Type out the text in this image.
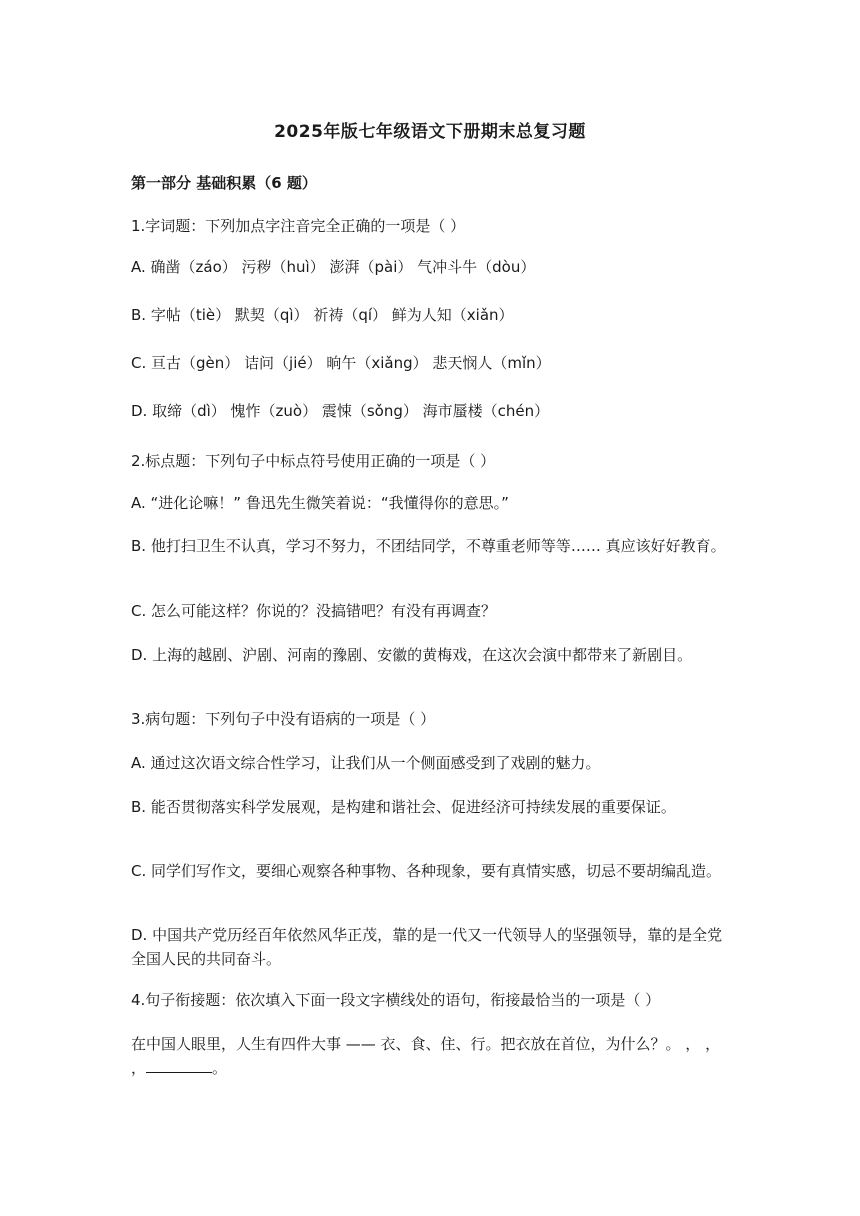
2025年版七年级语文下册期末总复习题
第一部分 基础积累（6 题）
1.字词题：下列加点字注音完全正确的一项是（ ）
A. 确凿（záo） 污秽（huì） 澎湃（pài） 气冲斗牛（dòu）
B. 字帖（tiè） 默契（qì） 祈祷（qí） 鲜为人知（xiǎn）
C. 亘古（gèn） 诘问（jié） 晌午（xiǎng） 悲天悯人（mǐn）
D. 取缔（dì） 愧怍（zuò） 震悚（sǒng） 海市蜃楼（chén）
2.标点题：下列句子中标点符号使用正确的一项是（ ）
A. “进化论嘛！” 鲁迅先生微笑着说：“我懂得你的意思。”
B. 他打扫卫生不认真，学习不努力，不团结同学，不尊重老师等等…… 真应该好好教育。
C. 怎么可能这样？你说的？没搞错吧？有没有再调查？
D. 上海的越剧、沪剧、河南的豫剧、安徽的黄梅戏，在这次会演中都带来了新剧目。
3.病句题：下列句子中没有语病的一项是（ ）
A. 通过这次语文综合性学习，让我们从一个侧面感受到了戏剧的魅力。
B. 能否贯彻落实科学发展观，是构建和谐社会、促进经济可持续发展的重要保证。
C. 同学们写作文，要细心观察各种事物、各种现象，要有真情实感，切忌不要胡编乱造。
D. 中国共产党历经百年依然风华正茂，靠的是一代又一代领导人的坚强领导，靠的是全党全国人民的共同奋斗。
4.句子衔接题：依次填入下面一段文字横线处的语句，衔接最恰当的一项是（ ）
在中国人眼里，人生有四件大事 —— 衣、食、住、行。把衣放在首位，为什么？。 ， ， ，	。
